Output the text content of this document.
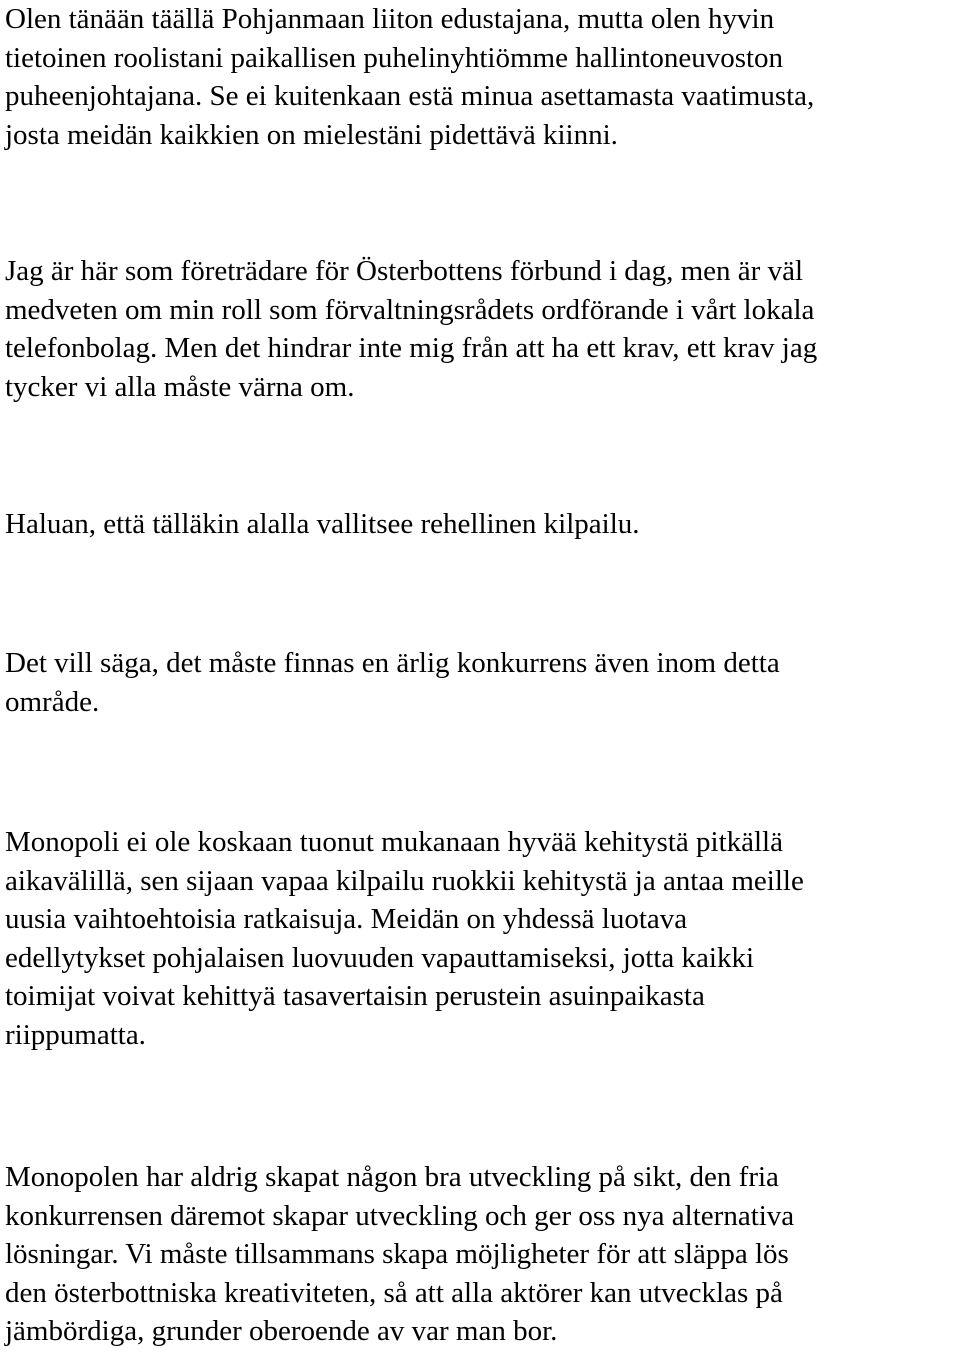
Olen tänään täällä Pohjanmaan liiton edustajana, mutta olen hyvin
tietoinen roolistani paikallisen puhelinyhtiömme hallintoneuvoston
puheenjohtajana. Se ei kuitenkaan estä minua asettamasta vaatimusta,
josta meidän kaikkien on mielestäni pidettävä kiinni.

Jag är här som företrädare för Österbottens förbund i dag, men är väl
medveten om min roll som förvaltningsrådets ordförande i vårt lokala
telefonbolag. Men det hindrar inte mig från att ha ett krav, ett krav jag
tycker vi alla måste värna om.

Haluan, että tälläkin alalla vallitsee rehellinen kilpailu.

Det vill säga, det måste finnas en ärlig konkurrens även inom detta
område.

Monopoli ei ole koskaan tuonut mukanaan hyvää kehitystä pitkällä
aikavälillä, sen sijaan vapaa kilpailu ruokkii kehitystä ja antaa meille
uusia vaihtoehtoisia ratkaisuja. Meidän on yhdessä luotava
edellytykset pohjalaisen luovuuden vapauttamiseksi, jotta kaikki
toimijat voivat kehittyä tasavertaisin perustein asuinpaikasta
riippumatta.

Monopolen har aldrig skapat någon bra utveckling på sikt, den fria
konkurrensen däremot skapar utveckling och ger oss nya alternativa
lösningar. Vi måste tillsammans skapa möjligheter för att släppa lös
den österbottniska kreativiteten, så att alla aktörer kan utvecklas på
jämbördiga, grunder oberoende av var man bor.
